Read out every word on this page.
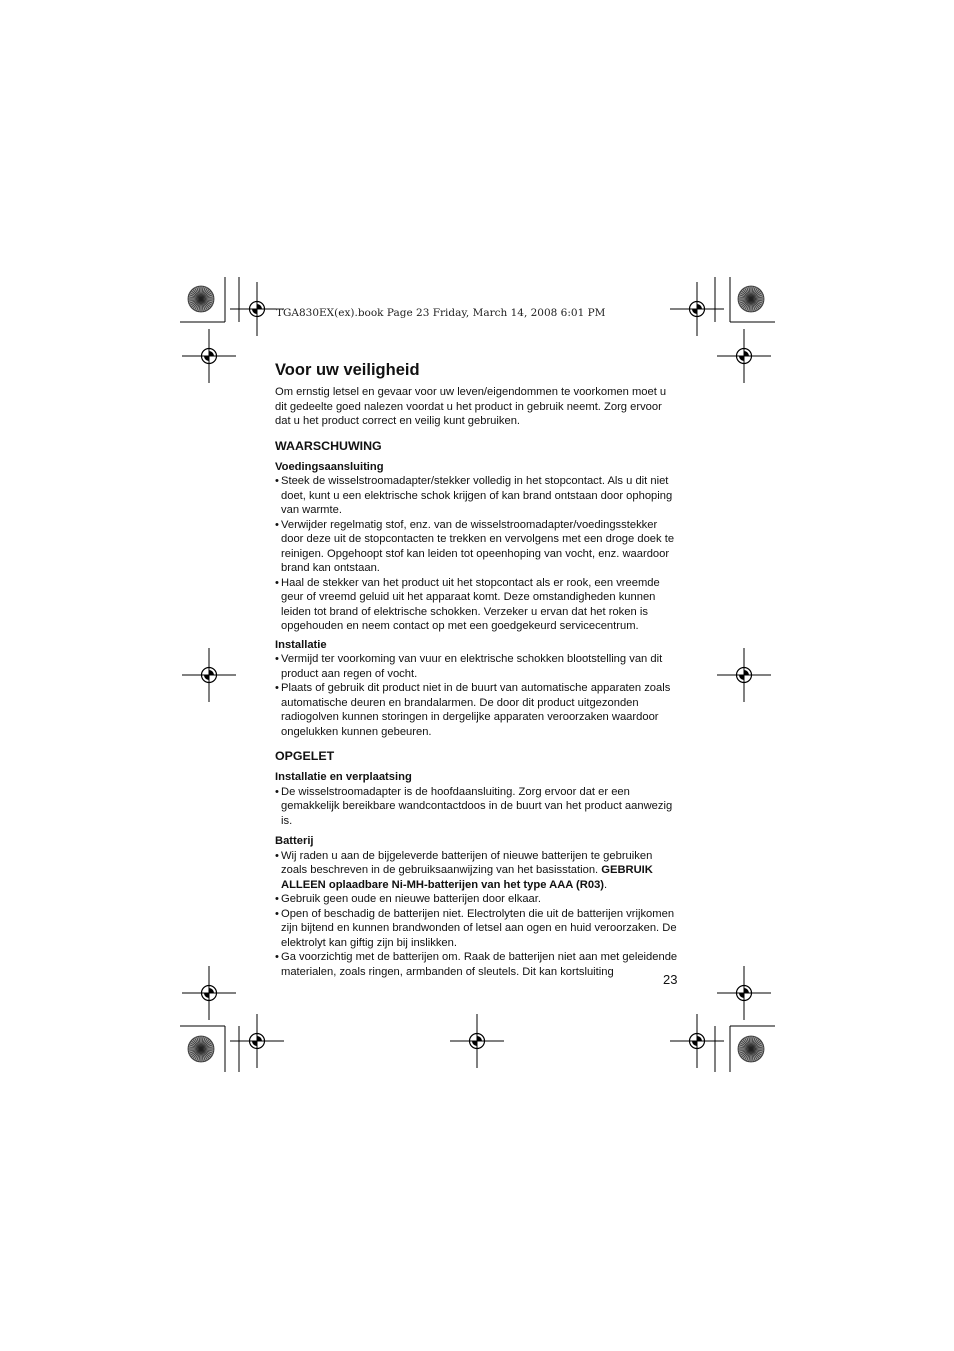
TGA830EX(ex).book Page 23 Friday, March 14, 2008 6:01 PM
Voor uw veiligheid

Om ernstig letsel en gevaar voor uw leven/eigendommen te voorkomen moet u dit gedeelte goed nalezen voordat u het product in gebruik neemt. Zorg ervoor dat u het product correct en veilig kunt gebruiken.

WAARSCHUWING
Voedingsaansluiting
• Steek de wisselstroomadapter/stekker volledig in het stopcontact. Als u dit niet doet, kunt u een elektrische schok krijgen of kan brand ontstaan door ophoping van warmte.
• Verwijder regelmatig stof, enz. van de wisselstroomadapter/voedingsstekker door deze uit de stopcontacten te trekken en vervolgens met een droge doek te reinigen. Opgehoopt stof kan leiden tot opeenhoping van vocht, enz. waardoor brand kan ontstaan.
• Haal de stekker van het product uit het stopcontact als er rook, een vreemde geur of vreemd geluid uit het apparaat komt. Deze omstandigheden kunnen leiden tot brand of elektrische schokken. Verzeker u ervan dat het roken is opgehouden en neem contact op met een goedgekeurd servicecentrum.
Installatie
• Vermijd ter voorkoming van vuur en elektrische schokken blootstelling van dit product aan regen of vocht.
• Plaats of gebruik dit product niet in de buurt van automatische apparaten zoals automatische deuren en brandalarmen. De door dit product uitgezonden radiogolven kunnen storingen in dergelijke apparaten veroorzaken waardoor ongelukken kunnen gebeuren.
OPGELET
Installatie en verplaatsing
• De wisselstroomadapter is de hoofdaansluiting. Zorg ervoor dat er een gemakkelijk bereikbare wandcontactdoos in de buurt van het product aanwezig is.
Batterij
• Wij raden u aan de bijgeleverde batterijen of nieuwe batterijen te gebruiken zoals beschreven in de gebruiksaanwijzing van het basisstation. GEBRUIK ALLEEN oplaadbare Ni-MH-batterijen van het type AAA (R03).
• Gebruik geen oude en nieuwe batterijen door elkaar.
• Open of beschadig de batterijen niet. Electrolyten die uit de batterijen vrijkomen zijn bijtend en kunnen brandwonden of letsel aan ogen en huid veroorzaken. De elektrolyt kan giftig zijn bij inslikken.
• Ga voorzichtig met de batterijen om. Raak de batterijen niet aan met geleidende materialen, zoals ringen, armbanden of sleutels. Dit kan kortsluiting
23
